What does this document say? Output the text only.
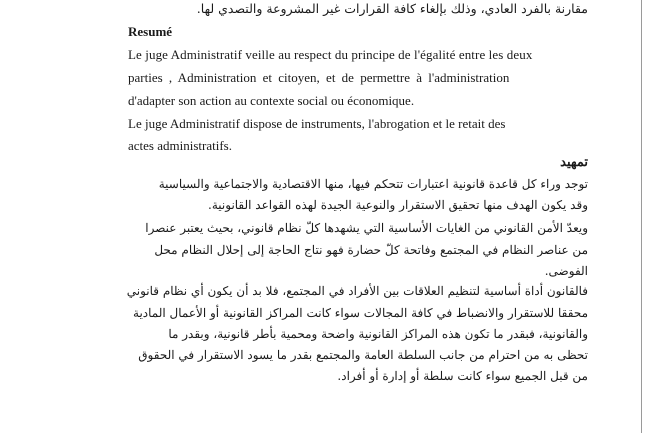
مقارنة بالفرد العادي، وذلك بإلغاء كافة القرارات غير المشروعة والتصدي لها.
Resumé
Le juge Administratif veille au respect du principe de l'égalité entre les deux
parties , Administration et citoyen, et de permettre à l'administration
d'adapter son action au contexte social ou économique.
Le juge Administratif dispose de instruments, l'abrogation et le retait des
actes administratifs.
تمهيد
توجد وراء كل قاعدة قانونية اعتبارات تتحكم فيها، منها الاقتصادية والاجتماعية والسياسية
وقد يكون الهدف منها تحقيق الاستقرار والنوعية الجيدة لهذه القواعد القانونية.
ويعدّ الأمن القانوني من الغايات الأساسية التي يشهدها كلّ نظام قانوني، بحيث يعتبر عنصرا
من عناصر النظام في المجتمع وفاتحة كلّ حضارة فهو نتاج الحاجة إلى إحلال النظام محل
الفوضى.
فالقانون أداة أساسية لتنظيم العلاقات بين الأفراد في المجتمع، فلا بد أن يكون أي نظام قانوني
محققا للاستقرار والانضباط في كافة المجالات سواء كانت المراكز القانونية أو الأعمال المادية
والقانونية، فبقدر ما تكون هذه المراكز القانونية واضحة ومحمية بأطر قانونية، وبقدر ما
تحظى به من احترام من جانب السلطة العامة والمجتمع بقدر ما يسود الاستقرار في الحقوق
من قبل الجميع سواء كانت سلطة أو إدارة أو أفراد.
